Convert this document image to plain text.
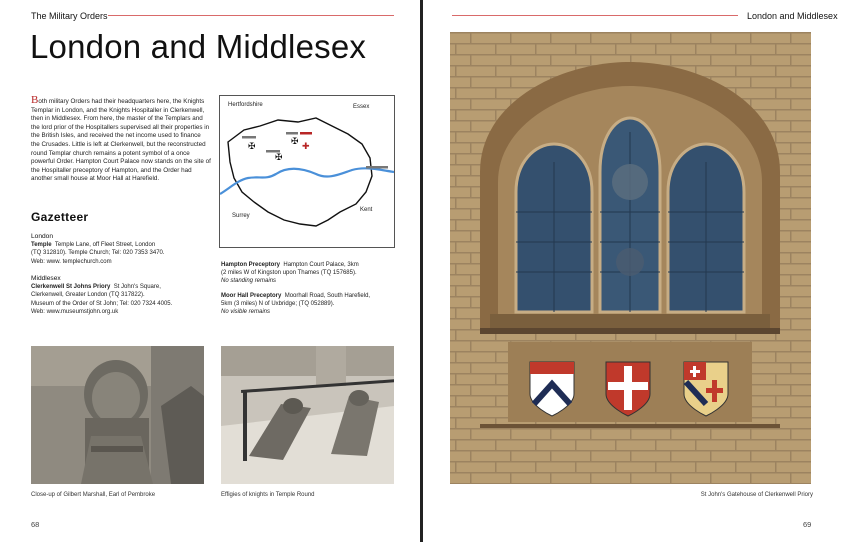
The Military Orders
London and Middlesex

Both military Orders had their headquarters here, the Knights Templar in London, and the Knights Hospitaller in Clerkenwell, then in Middlesex. From here, the master of the Templars and the lord prior of the Hospitallers supervised all their properties in the British Isles, and received the net income used to finance the Crusades. Little is left at Clerkenwell, but the reconstructed round Templar church remains a potent symbol of a once powerful Order. Hampton Court Palace now stands on the site of the Hospitaller preceptory of Hampton, and the Order had another small house at Moor Hall at Harefield.

✠
✠
✠ ✚
Hertfordshire	Essex
Surrey
Kent
Gazetteer
London
Temple Temple Lane, off Fleet Street, London
(TQ 312810). Temple Church; Tel: 020 7353 3470.
Web: www. templechurch.com
Middlesex
Clerkenwell St Johns Priory St John's Square,
Clerkenwell, Greater London (TQ 317822).
Museum of the Order of St John; Tel: 020 7324 4005.
Web: www.museumstjohn.org.uk
Hampton Preceptory Hampton Court Palace, 3km
(2 miles W of Kingston upon Thames (TQ 157685).
No standing remains
Moor Hall Preceptory Moorhall Road, South Harefield,
5km (3 miles) N of Uxbridge; (TQ 052889).
No visible remains
Close-up of Gilbert Marshall, Earl of Pembroke	Effigies of knights in Temple Round
68
London and Middlesex
St John's Gatehouse of Clerkenwell Priory
69
